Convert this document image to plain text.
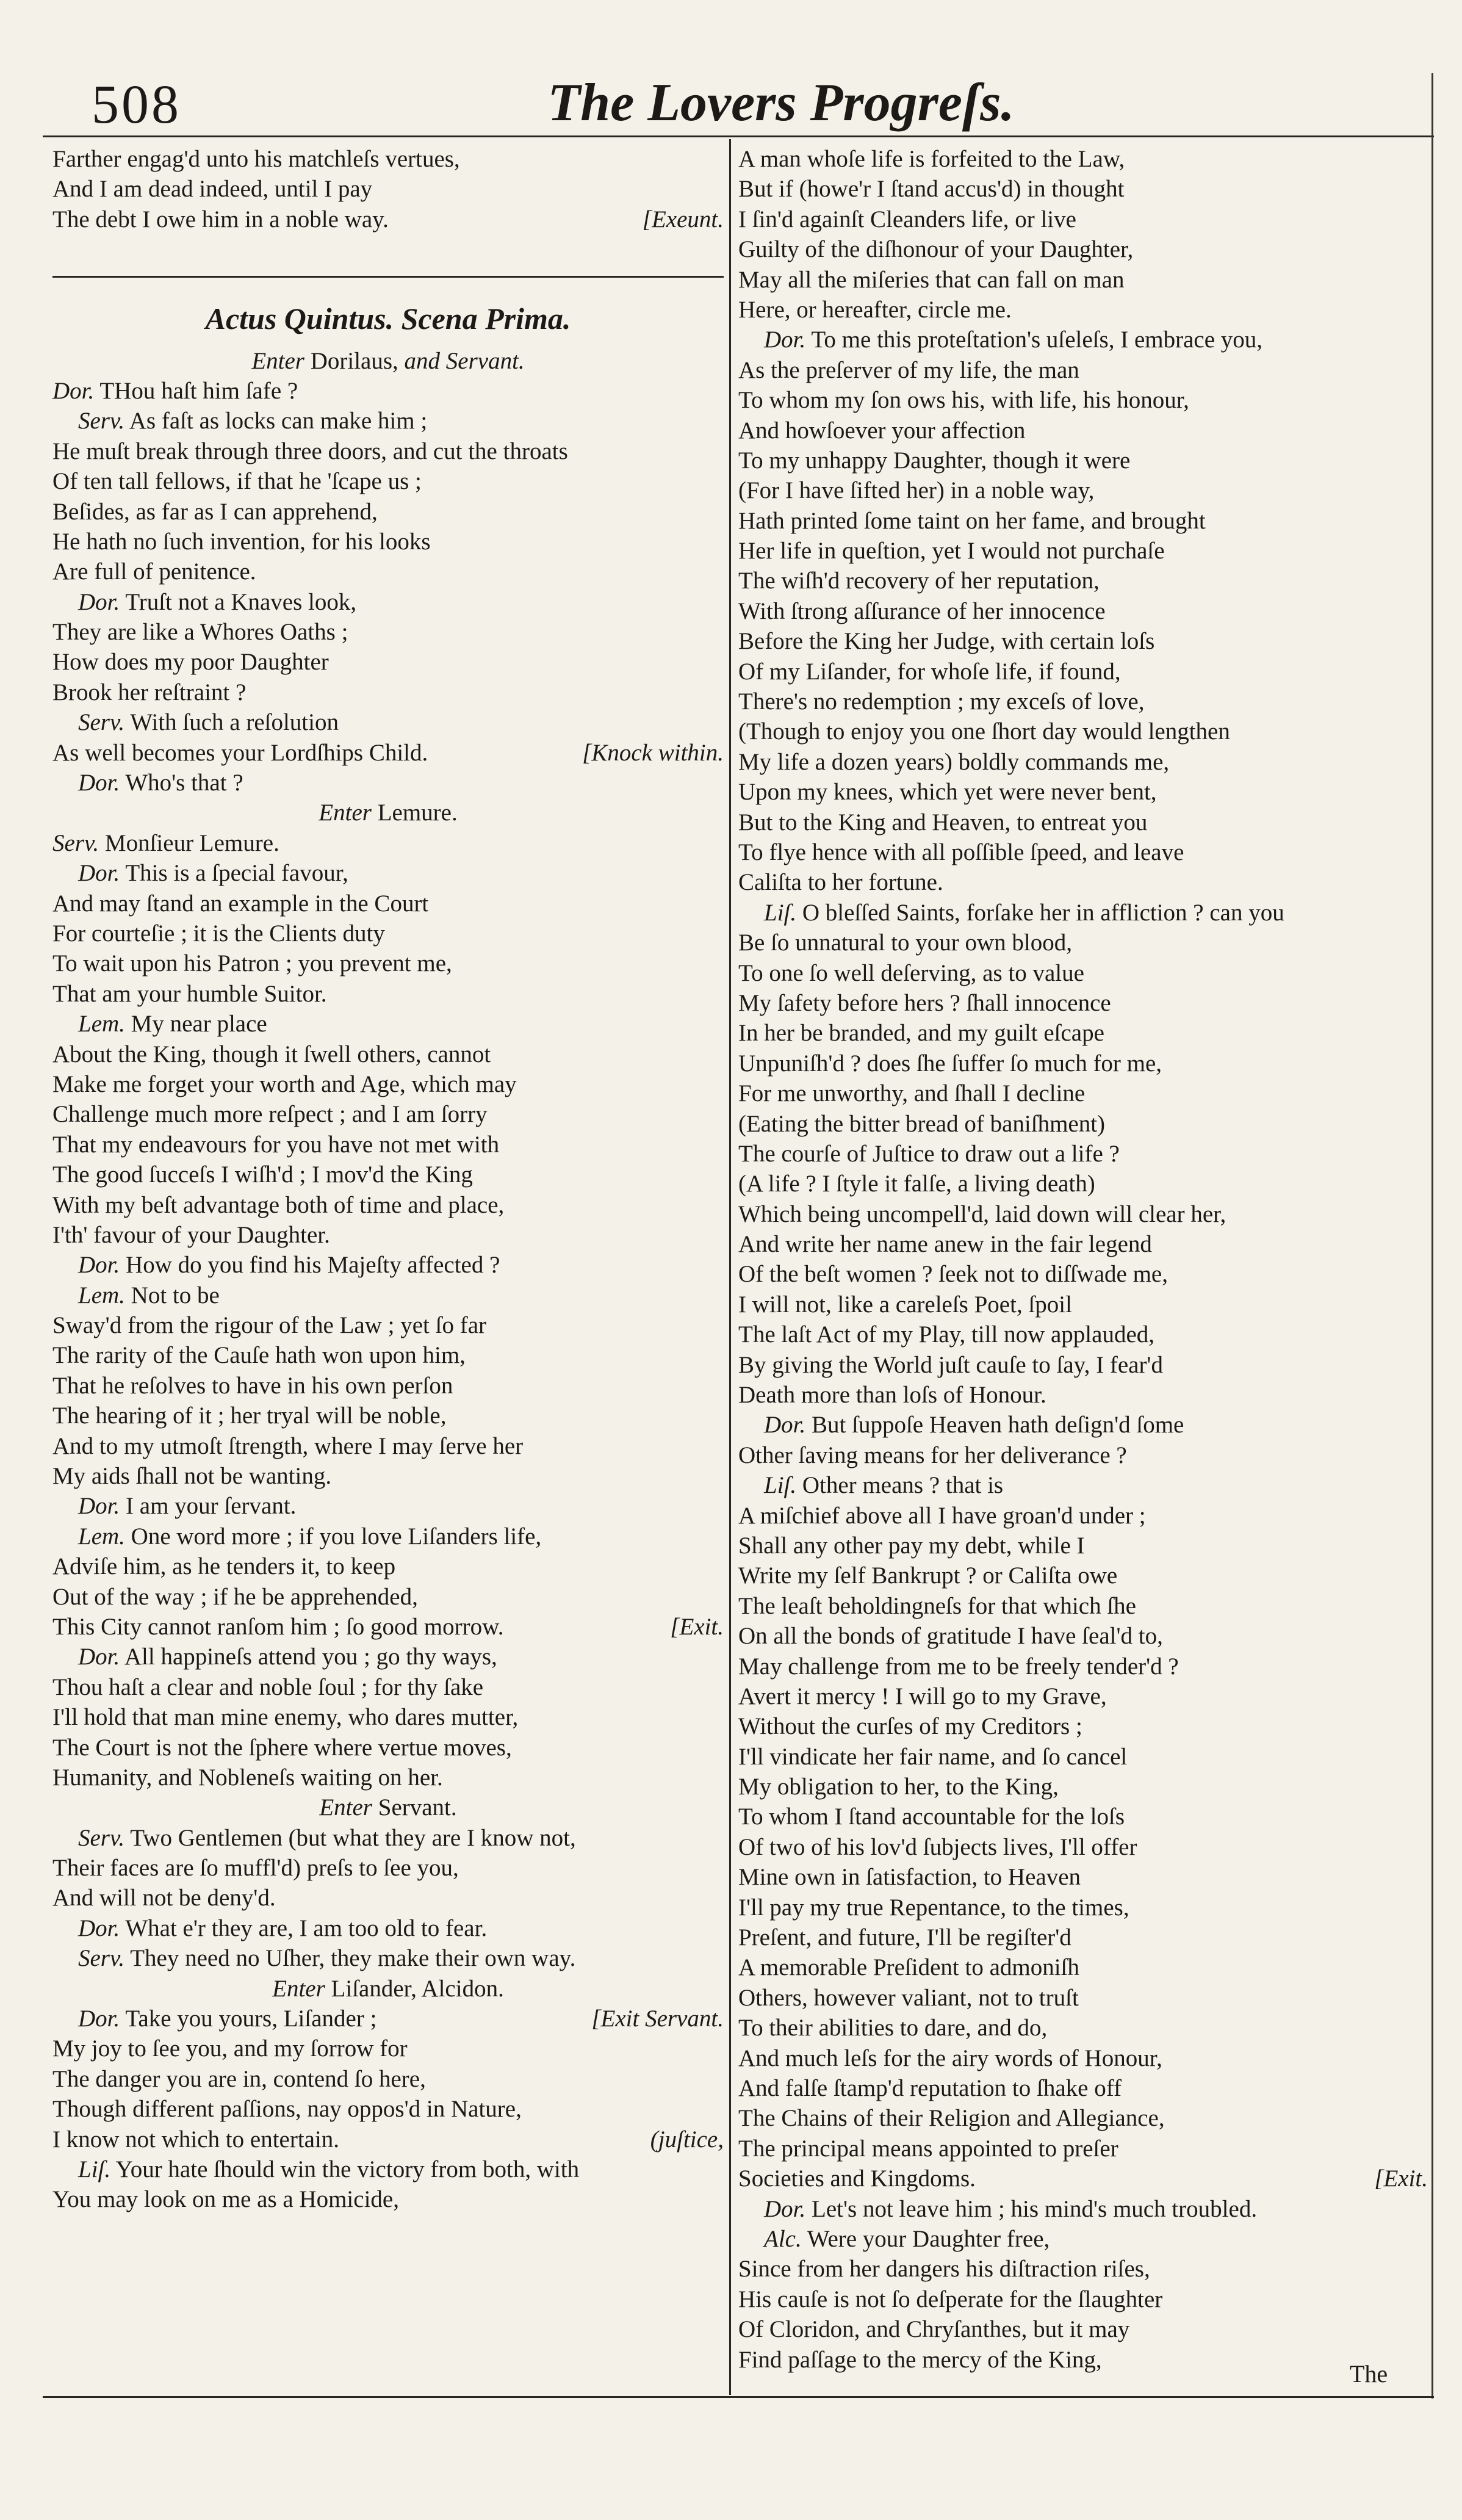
508	The Lovers Progreſs.
Farther engag'd unto his matchleſs vertues,
And I am dead indeed, until I pay
The debt I owe him in a noble way.	[Exeunt.
Actus Quintus. Scena Prima.
Enter Dorilaus, and Servant.
Dor. THou haſt him ſafe ?
Serv. As faſt as locks can make him ;
He muſt break through three doors, and cut the throats
Of ten tall fellows, if that he 'ſcape us ;
Beſides, as far as I can apprehend,
He hath no ſuch invention, for his looks
Are full of penitence.
Dor. Truſt not a Knaves look,
They are like a Whores Oaths ;
How does my poor Daughter
Brook her reſtraint ?
Serv. With ſuch a reſolution
As well becomes your Lordſhips Child.	[Knock within.
Dor. Who's that ?
Enter Lemure.
Serv. Monſieur Lemure.
Dor. This is a ſpecial favour,
And may ſtand an example in the Court
For courteſie ; it is the Clients duty
To wait upon his Patron ; you prevent me,
That am your humble Suitor.
Lem. My near place
About the King, though it ſwell others, cannot
Make me forget your worth and Age, which may
Challenge much more reſpect ; and I am ſorry
That my endeavours for you have not met with
The good ſucceſs I wiſh'd ; I mov'd the King
With my beſt advantage both of time and place,
I'th' favour of your Daughter.
Dor. How do you find his Majeſty affected ?
Lem. Not to be
Sway'd from the rigour of the Law ; yet ſo far
The rarity of the Cauſe hath won upon him,
That he reſolves to have in his own perſon
The hearing of it ; her tryal will be noble,
And to my utmoſt ſtrength, where I may ſerve her
My aids ſhall not be wanting.
Dor. I am your ſervant.
Lem. One word more ; if you love Liſanders life,
Adviſe him, as he tenders it, to keep
Out of the way ; if he be apprehended,
This City cannot ranſom him ; ſo good morrow.	[Exit.
Dor. All happineſs attend you ; go thy ways,
Thou haſt a clear and noble ſoul ; for thy ſake
I'll hold that man mine enemy, who dares mutter,
The Court is not the ſphere where vertue moves,
Humanity, and Nobleneſs waiting on her.
Enter Servant.
Serv. Two Gentlemen (but what they are I know not,
Their faces are ſo muffl'd) preſs to ſee you,
And will not be deny'd.
Dor. What e'r they are, I am too old to fear.
Serv. They need no Uſher, they make their own way.
Enter Liſander, Alcidon.
Dor. Take you yours, Liſander ;	[Exit Servant.
My joy to ſee you, and my ſorrow for
The danger you are in, contend ſo here,
Though different paſſions, nay oppos'd in Nature,
I know not which to entertain.	(juſtice,
Liſ. Your hate ſhould win the victory from both, with
You may look on me as a Homicide,
A man whoſe life is forfeited to the Law,
But if (howe'r I ſtand accus'd) in thought
I ſin'd againſt Cleanders life, or live
Guilty of the diſhonour of your Daughter,
May all the miſeries that can fall on man
Here, or hereafter, circle me.
Dor. To me this proteſtation's uſeleſs, I embrace you,
As the preſerver of my life, the man
To whom my ſon ows his, with life, his honour,
And howſoever your affection
To my unhappy Daughter, though it were
(For I have ſifted her) in a noble way,
Hath printed ſome taint on her fame, and brought
Her life in queſtion, yet I would not purchaſe
The wiſh'd recovery of her reputation,
With ſtrong aſſurance of her innocence
Before the King her Judge, with certain loſs
Of my Liſander, for whoſe life, if found,
There's no redemption ; my exceſs of love,
(Though to enjoy you one ſhort day would lengthen
My life a dozen years) boldly commands me,
Upon my knees, which yet were never bent,
But to the King and Heaven, to entreat you
To flye hence with all poſſible ſpeed, and leave
Caliſta to her fortune.
Liſ. O bleſſed Saints, forſake her in affliction ? can you
Be ſo unnatural to your own blood,
To one ſo well deſerving, as to value
My ſafety before hers ? ſhall innocence
In her be branded, and my guilt eſcape
Unpuniſh'd ? does ſhe ſuffer ſo much for me,
For me unworthy, and ſhall I decline
(Eating the bitter bread of baniſhment)
The courſe of Juſtice to draw out a life ?
(A life ? I ſtyle it falſe, a living death)
Which being uncompell'd, laid down will clear her,
And write her name anew in the fair legend
Of the beſt women ? ſeek not to diſſwade me,
I will not, like a careleſs Poet, ſpoil
The laſt Act of my Play, till now applauded,
By giving the World juſt cauſe to ſay, I fear'd
Death more than loſs of Honour.
Dor. But ſuppoſe Heaven hath deſign'd ſome
Other ſaving means for her deliverance ?
Liſ. Other means ? that is
A miſchief above all I have groan'd under ;
Shall any other pay my debt, while I
Write my ſelf Bankrupt ? or Caliſta owe
The leaſt beholdingneſs for that which ſhe
On all the bonds of gratitude I have ſeal'd to,
May challenge from me to be freely tender'd ?
Avert it mercy ! I will go to my Grave,
Without the curſes of my Creditors ;
I'll vindicate her fair name, and ſo cancel
My obligation to her, to the King,
To whom I ſtand accountable for the loſs
Of two of his lov'd ſubjects lives, I'll offer
Mine own in ſatisfaction, to Heaven
I'll pay my true Repentance, to the times,
Preſent, and future, I'll be regiſter'd
A memorable Preſident to admoniſh
Others, however valiant, not to truſt
To their abilities to dare, and do,
And much leſs for the airy words of Honour,
And falſe ſtamp'd reputation to ſhake off
The Chains of their Religion and Allegiance,
The principal means appointed to preſer
Societies and Kingdoms.	[Exit.
Dor. Let's not leave him ; his mind's much troubled.
Alc. Were your Daughter free,
Since from her dangers his diſtraction riſes,
His cauſe is not ſo deſperate for the ſlaughter
Of Cloridon, and Chryſanthes, but it may
Find paſſage to the mercy of the King,
The
